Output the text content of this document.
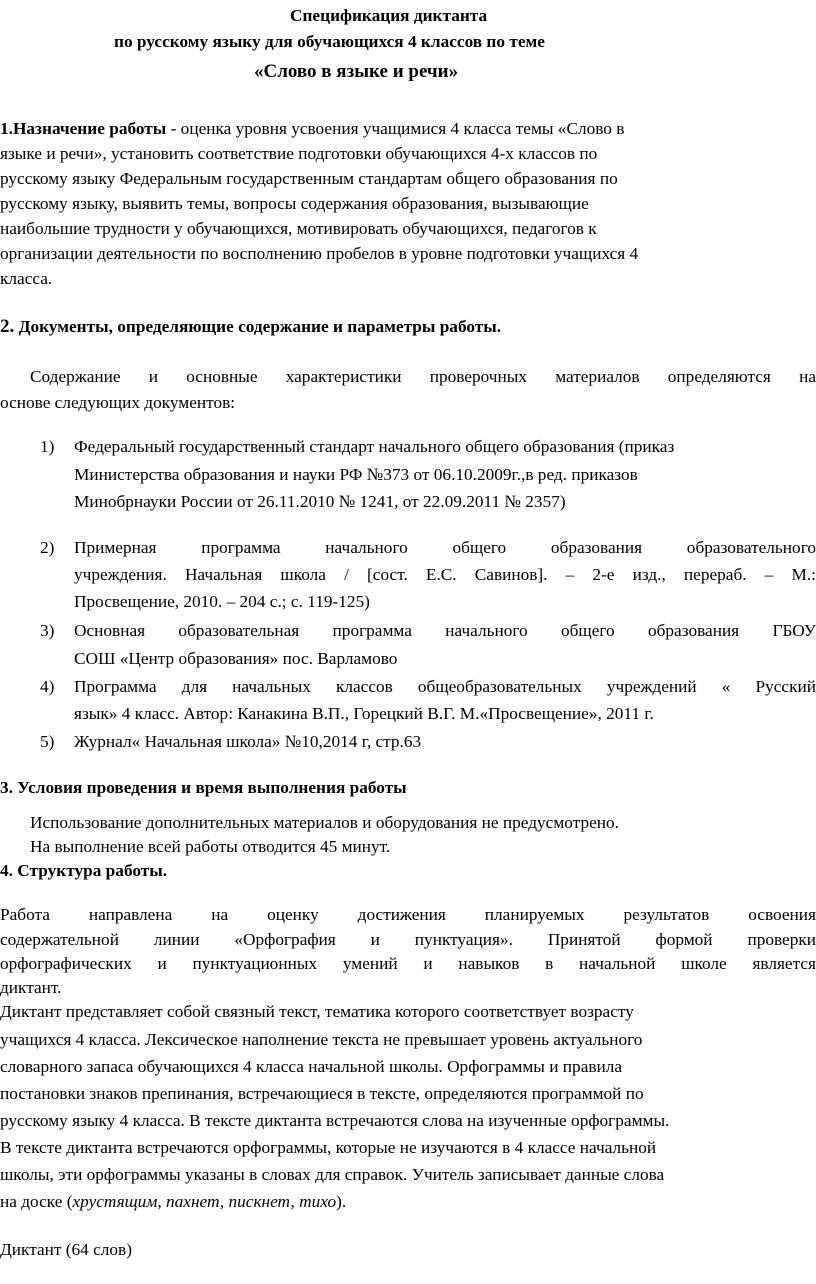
Спецификация диктанта
по русскому языку для обучающихся 4 классов по теме
«Слово в языке и речи»
1.Назначение работы - оценка уровня усвоения учащимися 4 класса темы «Слово в
языке и речи», установить соответствие подготовки обучающихся 4-х классов по
русскому языку Федеральным государственным стандартам общего образования по
русскому языку, выявить темы, вопросы содержания образования, вызывающие
наибольшие трудности у обучающихся, мотивировать обучающихся, педагогов к
организации деятельности по восполнению пробелов в уровне подготовки учащихся 4
класса.
2. Документы, определяющие содержание и параметры работы.
Содержание и основные характеристики проверочных материалов определяются на
основе следующих документов:
1) Федеральный государственный стандарт начального общего образования (приказ
Министерства образования и науки РФ №373 от 06.10.2009г.,в ред. приказов
Минобрнауки России от 26.11.2010 № 1241, от 22.09.2011 № 2357)
2) Примерная программа начального общего образования образовательного
учреждения. Начальная школа / [сост. Е.С. Савинов]. – 2-е изд., перераб. – М.:
Просвещение, 2010. – 204 с.; с. 119-125)
3) Основная образовательная программа начального общего образования ГБОУ
СОШ «Центр образования» пос. Варламово
4) Программа для начальных классов общеобразовательных учреждений « Русский
язык» 4 класс. Автор: Канакина В.П., Горецкий В.Г. М.«Просвещение», 2011 г.
5) Журнал« Начальная школа» №10,2014 г, стр.63
3. Условия проведения и время выполнения работы
Использование дополнительных материалов и оборудования не предусмотрено.
На выполнение всей работы отводится 45 минут.
4. Структура работы.
Работа направлена на оценку достижения планируемых результатов освоения
содержательной линии «Орфография и пунктуация». Принятой формой проверки
орфографических и пунктуационных умений и навыков в начальной школе является
диктант.
Диктант представляет собой связный текст, тематика которого соответствует возрасту
учащихся 4 класса. Лексическое наполнение текста не превышает уровень актуального
словарного запаса обучающихся 4 класса начальной школы. Орфограммы и правила
постановки знаков препинания, встречающиеся в тексте, определяются программой по
русскому языку 4 класса. В тексте диктанта встречаются слова на изученные орфограммы.
В тексте диктанта встречаются орфограммы, которые не изучаются в 4 классе начальной
школы, эти орфограммы указаны в словах для справок. Учитель записывает данные слова
на доске (хрустящим, пахнет, пискнет, тихо).
Диктант (64 слов)
